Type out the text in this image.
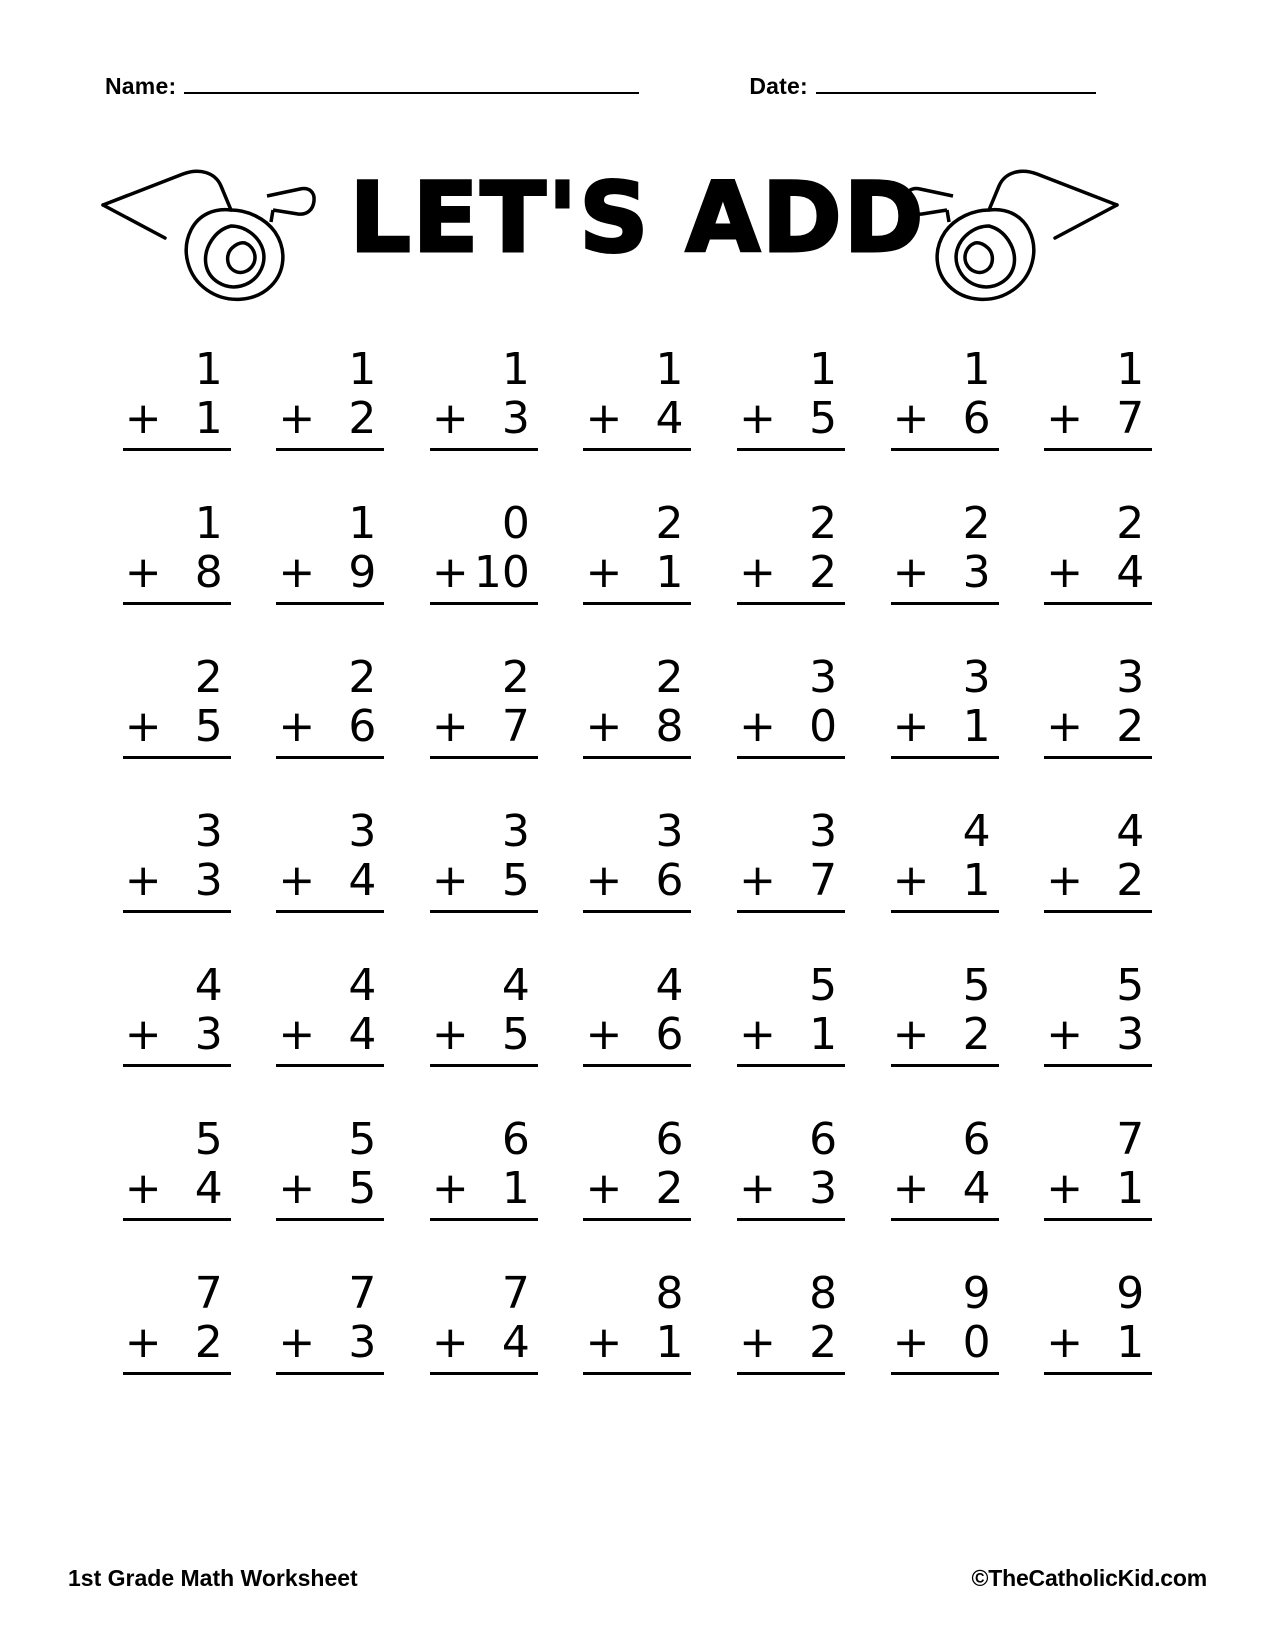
Name:	Date:
LET'S ADD
1
+ 1
1
+ 2
1
+ 3
1
+ 4
1
+ 5
1
+ 6
1
+ 7
1
+ 8
1
+ 9
0
+ 10
2
+ 1
2
+ 2
2
+ 3
2
+ 4
2
+ 5
2
+ 6
2
+ 7
2
+ 8
3
+ 0
3
+ 1
3
+ 2
3
+ 3
3
+ 4
3
+ 5
3
+ 6
3
+ 7
4
+ 1
4
+ 2
4
+ 3
4
+ 4
4
+ 5
4
+ 6
5
+ 1
5
+ 2
5
+ 3
5
+ 4
5
+ 5
6
+ 1
6
+ 2
6
+ 3
6
+ 4
7
+ 1
7
+ 2
7
+ 3
7
+ 4
8
+ 1
8
+ 2
9
+ 0
9
+ 1
1st Grade Math Worksheet	©TheCatholicKid.com
